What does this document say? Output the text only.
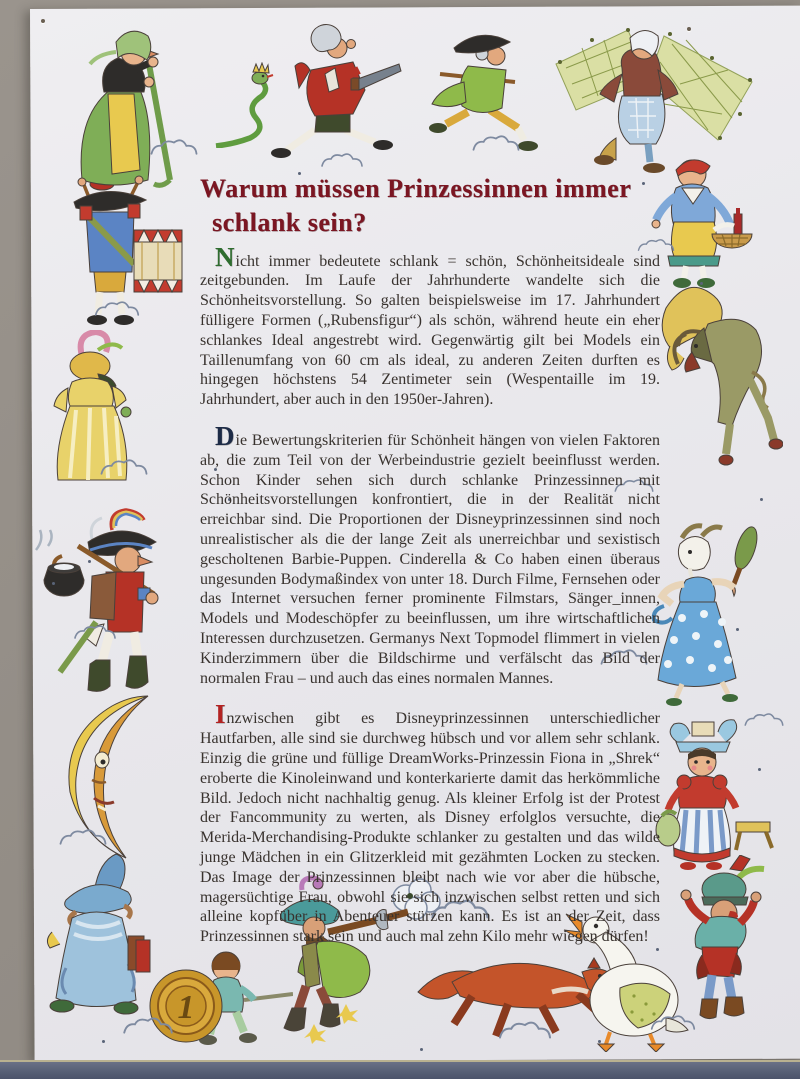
Warum müssen Prinzessinnen immer
schlank sein?

Nicht immer bedeutete schlank = schön, Schönheitsideale sind zeitgebunden. Im Laufe der Jahrhunderte wandelte sich die Schönheitsvorstellung. So galten beispielsweise im 17. Jahrhundert fülligere Formen („Rubensfigur“) als schön, während heute ein eher schlankes Ideal angestrebt wird. Gegenwärtig gilt bei Models ein Taillenumfang von 60 cm als ideal, zu anderen Zeiten durften es hingegen höchstens 54 Zentimeter sein (Wespentaille im 19. Jahrhundert, aber auch in den 1950er-Jahren).

Die Bewertungskriterien für Schönheit hängen von vielen Faktoren ab, die zum Teil von der Werbeindustrie gezielt beeinflusst werden. Schon Kinder sehen sich durch schlanke Prinzessinnen mit Schönheitsvorstellungen konfrontiert, die in der Realität nicht erreichbar sind. Die Proportionen der Disneyprinzessinnen sind noch unrealistischer als die der lange Zeit als unerreichbar und sexistisch gescholtenen Barbie-Puppen. Cinderella & Co haben einen überaus ungesunden Bodymaßindex von unter 18. Durch Filme, Fernsehen oder das Internet versuchen ferner prominente Filmstars, Sänger_innen, Models und Modeschöpfer zu beeinflussen, um ihre wirtschaftlichen Interessen durchzusetzen. Germanys Next Topmodel flimmert in vielen Kinderzimmern über die Bildschirme und verfälscht das Bild der normalen Frau – und auch das eines normalen Mannes.

Inzwischen gibt es Disneyprinzessinnen unterschiedlicher Hautfarben, alle sind sie durchweg hübsch und vor allem sehr schlank. Einzig die grüne und füllige DreamWorks-Prinzessin Fiona in „Shrek“ eroberte die Kinoleinwand und konterkarierte damit das herkömmliche Bild. Jedoch nicht nachhaltig genug. Als kleiner Erfolg ist der Protest der Fancommunity zu werten, als Disney erfolglos versuchte, die Merida-Merchandising-Produkte schlanker zu gestalten und das wilde junge Mädchen in ein Glitzerkleid mit gezähmten Locken zu stecken. Das Image der Prinzessinnen bleibt nach wie vor aber die hübsche, magersüchtige Frau, obwohl sie sich inzwischen selbst retten und sich alleine kopfüber in Abenteuer stürzen kann. Es ist an der Zeit, dass Prinzessinnen stark sein und auch mal zehn Kilo mehr wiegen dürfen!

1
